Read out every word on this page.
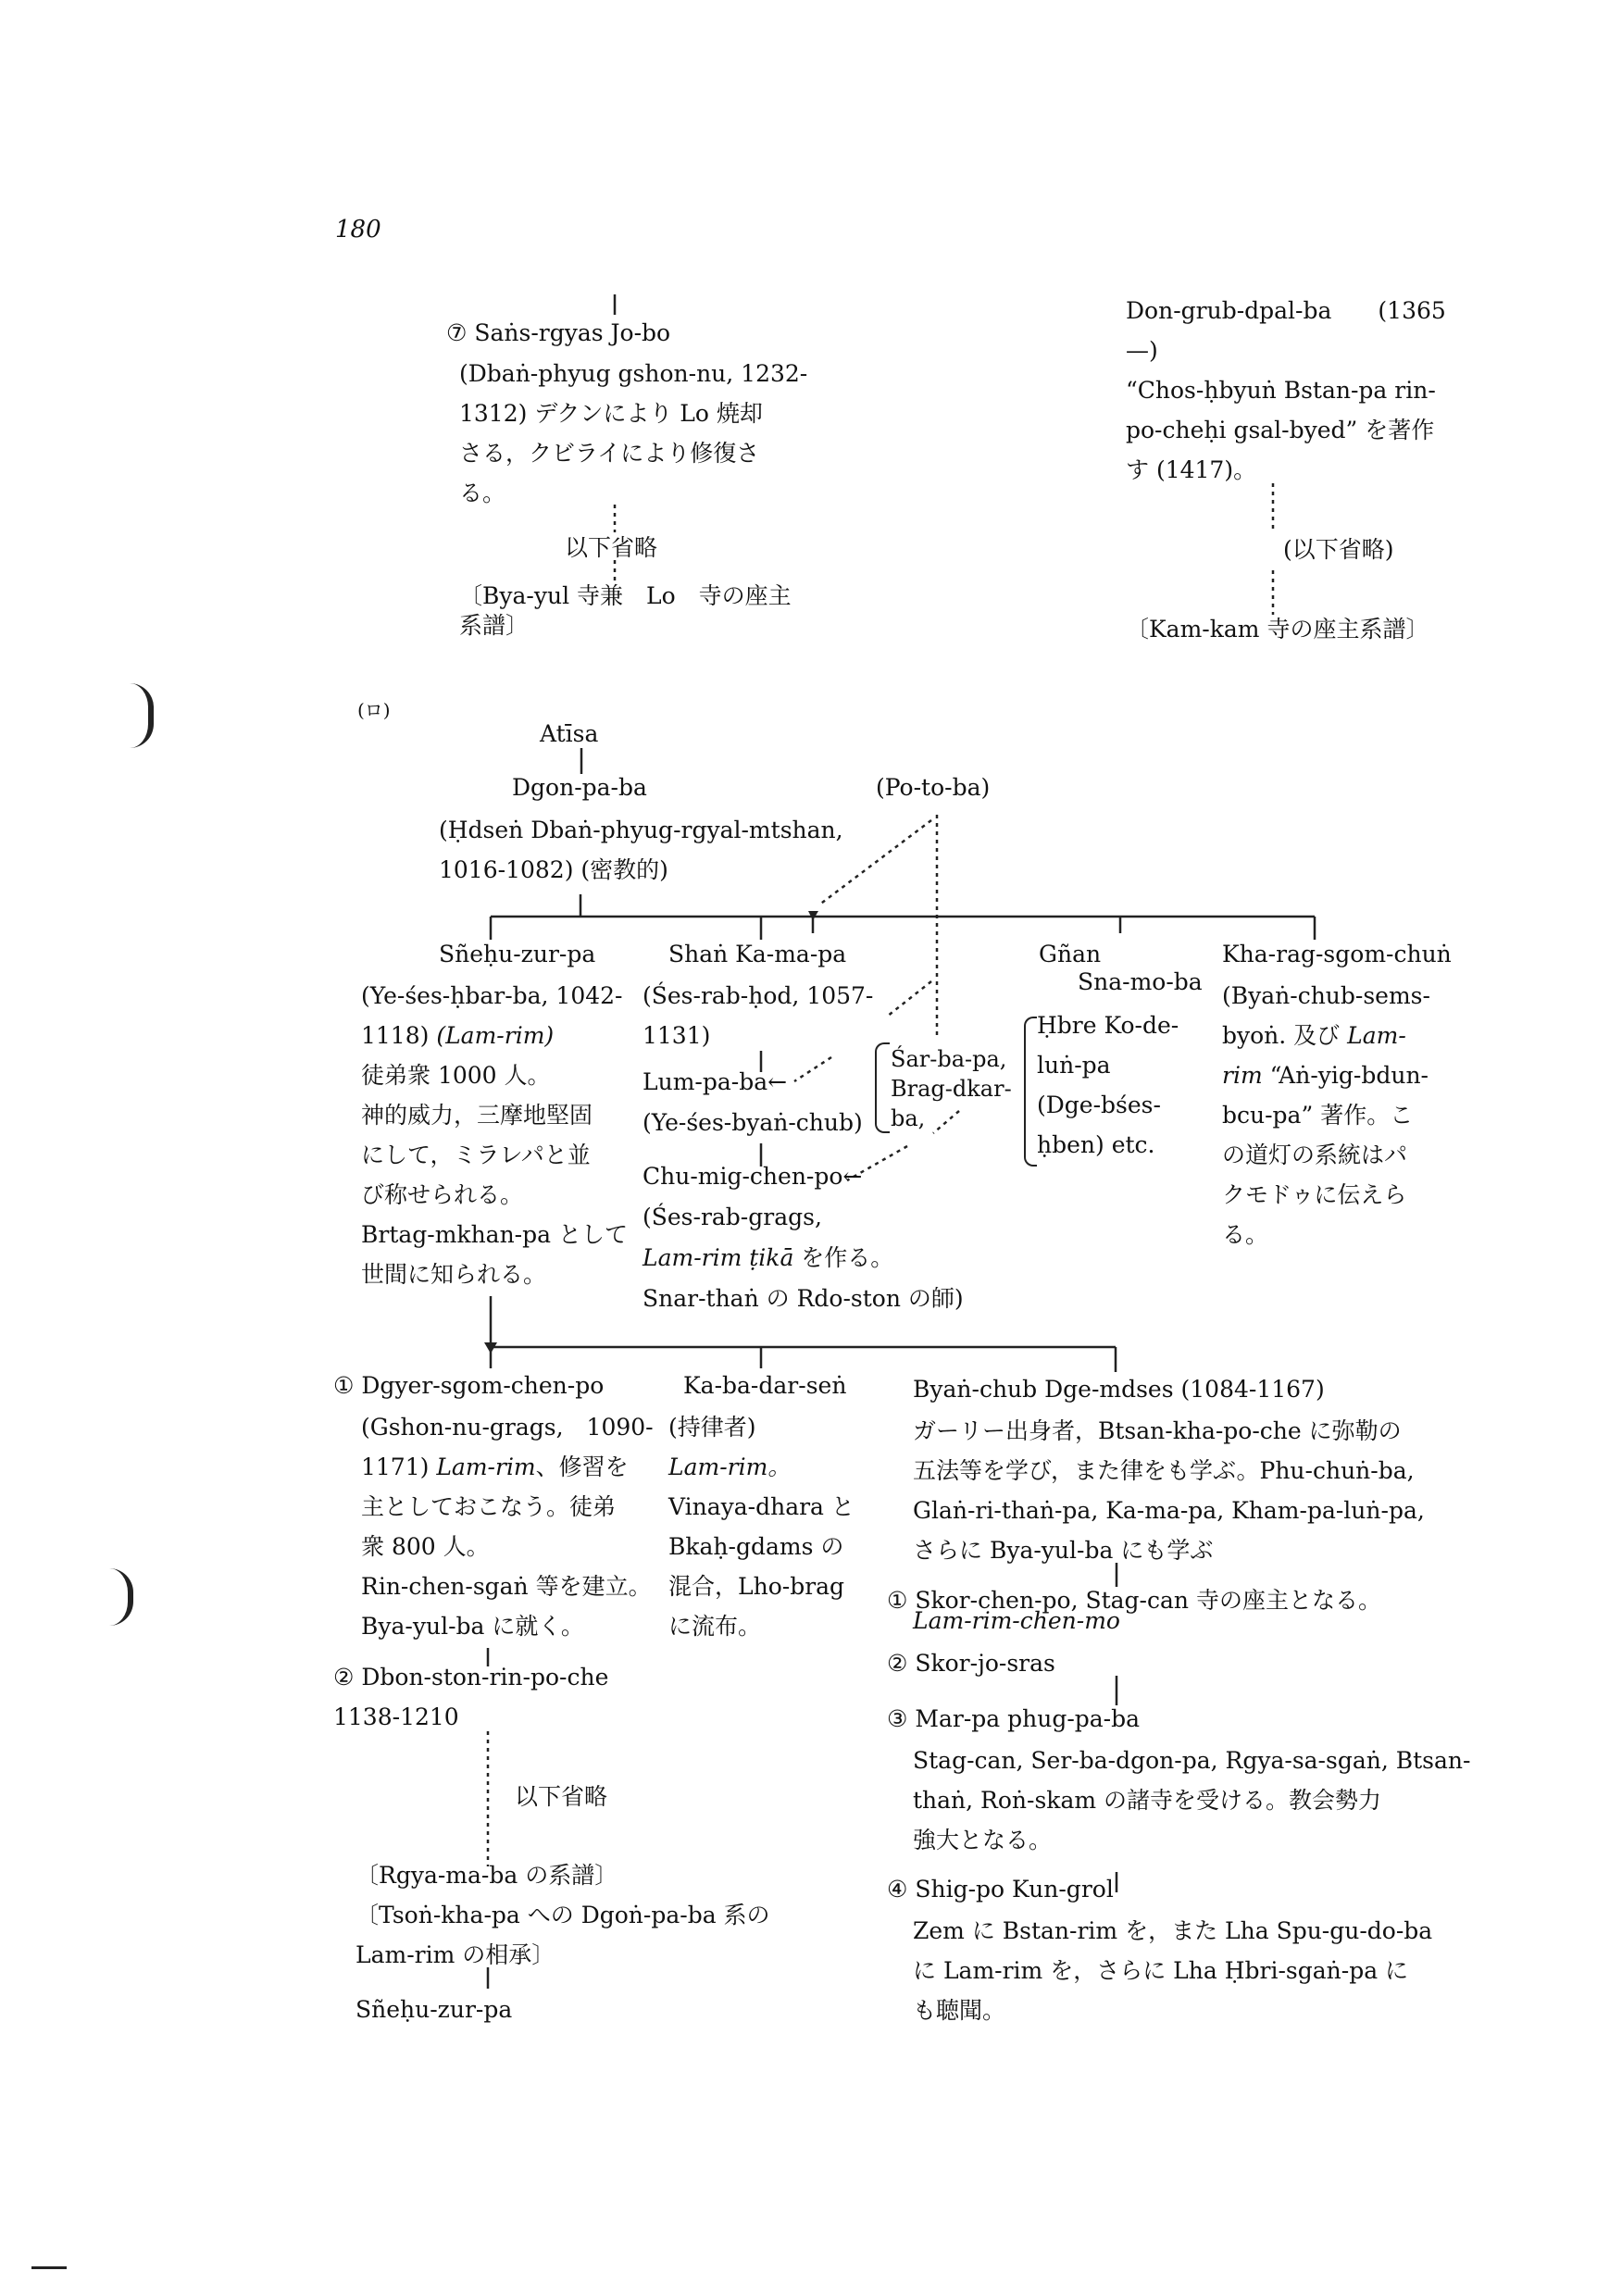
180
⑦ Saṅs-rgyas Jo-bo
(Dbaṅ-phyug gshon-nu, 1232-
1312) デクンにより Lo 焼却
さる，クビライにより修復さ
る。
以下省略
〔Bya-yul 寺兼　Lo　寺の座主
系譜〕
Don-grub-dpal-ba　　(1365
—)
“Chos-ḥbyuṅ Bstan-pa rin-
po-cheḥi gsal-byed” を著作
す (1417)。
(以下省略)
〔Kam-kam 寺の座主系譜〕
(ロ)
Atīsa
Dgon-pa-ba
(Ḥdseṅ Dbaṅ-phyug-rgyal-mtshan,
1016-1082) (密教的)
(Po-to-ba)
Sñeḥu-zur-pa
(Ye-śes-ḥbar-ba, 1042-
1118) (Lam-rim)
徒弟衆 1000 人。
神的威力，三摩地堅固
にして，ミラレパと並
び称せられる。
Brtag-mkhan-pa として
世間に知られる。
Shaṅ Ka-ma-pa
(Śes-rab-ḥod, 1057-
1131)
Lum-pa-ba←
(Ye-śes-byaṅ-chub)
Chu-mig-chen-po←
(Śes-rab-grags,
Lam-rim ṭikā を作る。
Snar-thaṅ の Rdo-ston の師)
Śar-ba-pa,
Brag-dkar-
ba,
Gñan
Sna-mo-ba
Ḥbre Ko-de-
luṅ-pa
(Dge-bśes-
ḥben) etc.
Kha-rag-sgom-chuṅ
(Byaṅ-chub-sems-
byoṅ. 及び Lam-
rim “Aṅ-yig-bdun-
bcu-pa” 著作。こ
の道灯の系統はパ
クモドゥに伝えら
る。
① Dgyer-sgom-chen-po
(Gshon-nu-grags,　1090-
1171) Lam-rim、修習を
主としておこなう。徒弟
衆 800 人。
Rin-chen-sgaṅ 等を建立。
Bya-yul-ba に就く。
② Dbon-ston-rin-po-che
1138-1210
以下省略
〔Rgya-ma-ba の系譜〕
〔Tsoṅ-kha-pa への Dgoṅ-pa-ba 系の
Lam-rim の相承〕
Sñeḥu-zur-pa
Ka-ba-dar-seṅ
(持律者)
Lam-rim。
Vinaya-dhara と
Bkaḥ-gdams の
混合，Lho-brag
に流布。
Byaṅ-chub Dge-mdses (1084-1167)
ガーリー出身者，Btsan-kha-po-che に弥勒の
五法等を学び，また律をも学ぶ。Phu-chuṅ-ba,
Glaṅ-ri-thaṅ-pa, Ka-ma-pa, Kham-pa-luṅ-pa,
さらに Bya-yul-ba にも学ぶ
① Skor-chen-po, Stag-can 寺の座主となる。
Lam-rim-chen-mo
② Skor-jo-sras
③ Mar-pa phug-pa-ba
Stag-can, Ser-ba-dgon-pa, Rgya-sa-sgaṅ, Btsan-
thaṅ, Roṅ-skam の諸寺を受ける。教会勢力
強大となる。
④ Shig-po Kun-grol
Zem に Bstan-rim を，また Lha Spu-gu-do-ba
に Lam-rim を，さらに Lha Ḥbri-sgaṅ-pa に
も聴聞。
